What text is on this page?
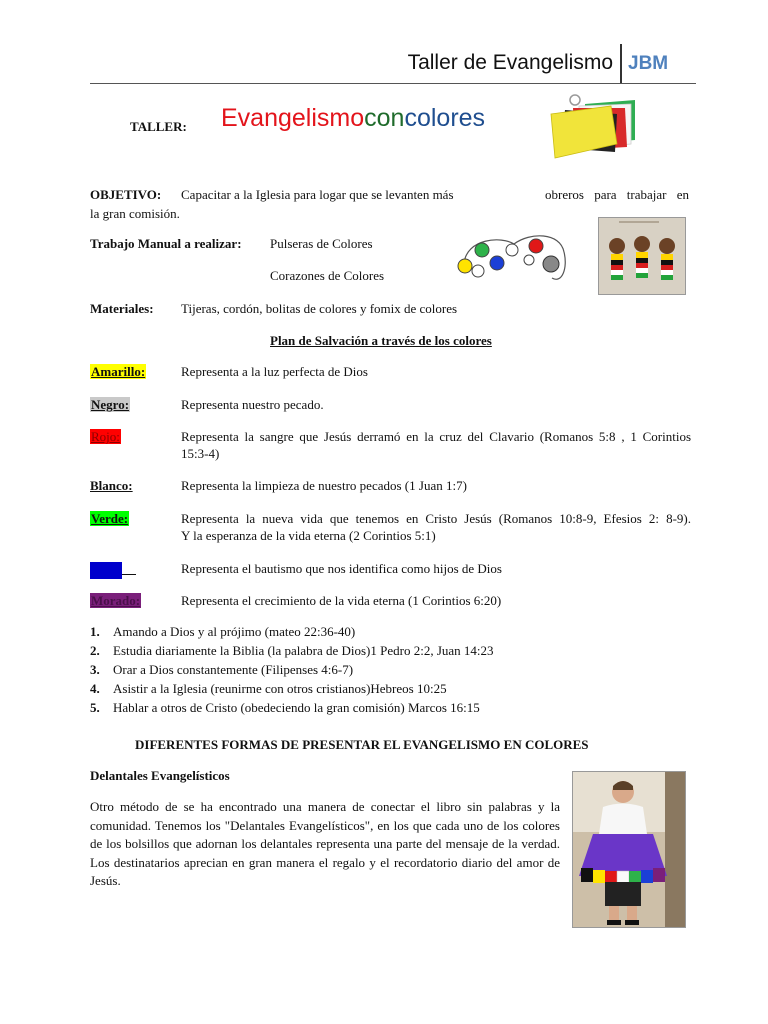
Taller de Evangelismo JBM
TALLER: Evangelismoconcolores
OBJETIVO: Capacitar a la Iglesia para logar que se levanten más	obreros para trabajar en
la gran comisión.
Trabajo Manual a realizar: Pulseras de Colores
Corazones de Colores
Materiales: Tijeras, cordón, bolitas de colores y fomix de colores
Plan de Salvación a través de los colores
Amarillo:	Representa a la luz perfecta de Dios
Negro:	Representa nuestro pecado.
Rojo:	Representa la sangre que Jesús derramó en la cruz del Clavario (Romanos 5:8 , 1 Corintios
15:3-4)
Blanco:	Representa la limpieza de nuestro pecados (1 Juan 1:7)
Verde:	Representa la nueva vida que tenemos en Cristo Jesús (Romanos 10:8-9, Efesios 2: 8-9).
Y la esperanza de la vida eterna (2 Corintios 5:1)
Azul:	Representa el bautismo que nos identifica como hijos de Dios
Morado:	Representa el crecimiento de la vida eterna (1 Corintios 6:20)
1. Amando a Dios y al prójimo (mateo 22:36-40)
2. Estudia diariamente la Biblia (la palabra de Dios)1 Pedro 2:2, Juan 14:23
3. Orar a Dios constantemente (Filipenses 4:6-7)
4. Asistir a la Iglesia (reunirme con otros cristianos)Hebreos 10:25
5. Hablar a otros de Cristo (obedeciendo la gran comisión) Marcos 16:15
DIFERENTES FORMAS DE PRESENTAR EL EVANGELISMO EN COLORES
Delantales Evangelísticos
Otro método de se ha encontrado una manera de conectar el libro sin palabras y la comunidad. Tenemos los "Delantales Evangelísticos", en los que cada uno de los colores de los bolsillos que adornan los delantales representa una parte del mensaje de la verdad. Los destinatarios aprecian en gran manera el regalo y el recordatorio diario del amor de Jesús.
